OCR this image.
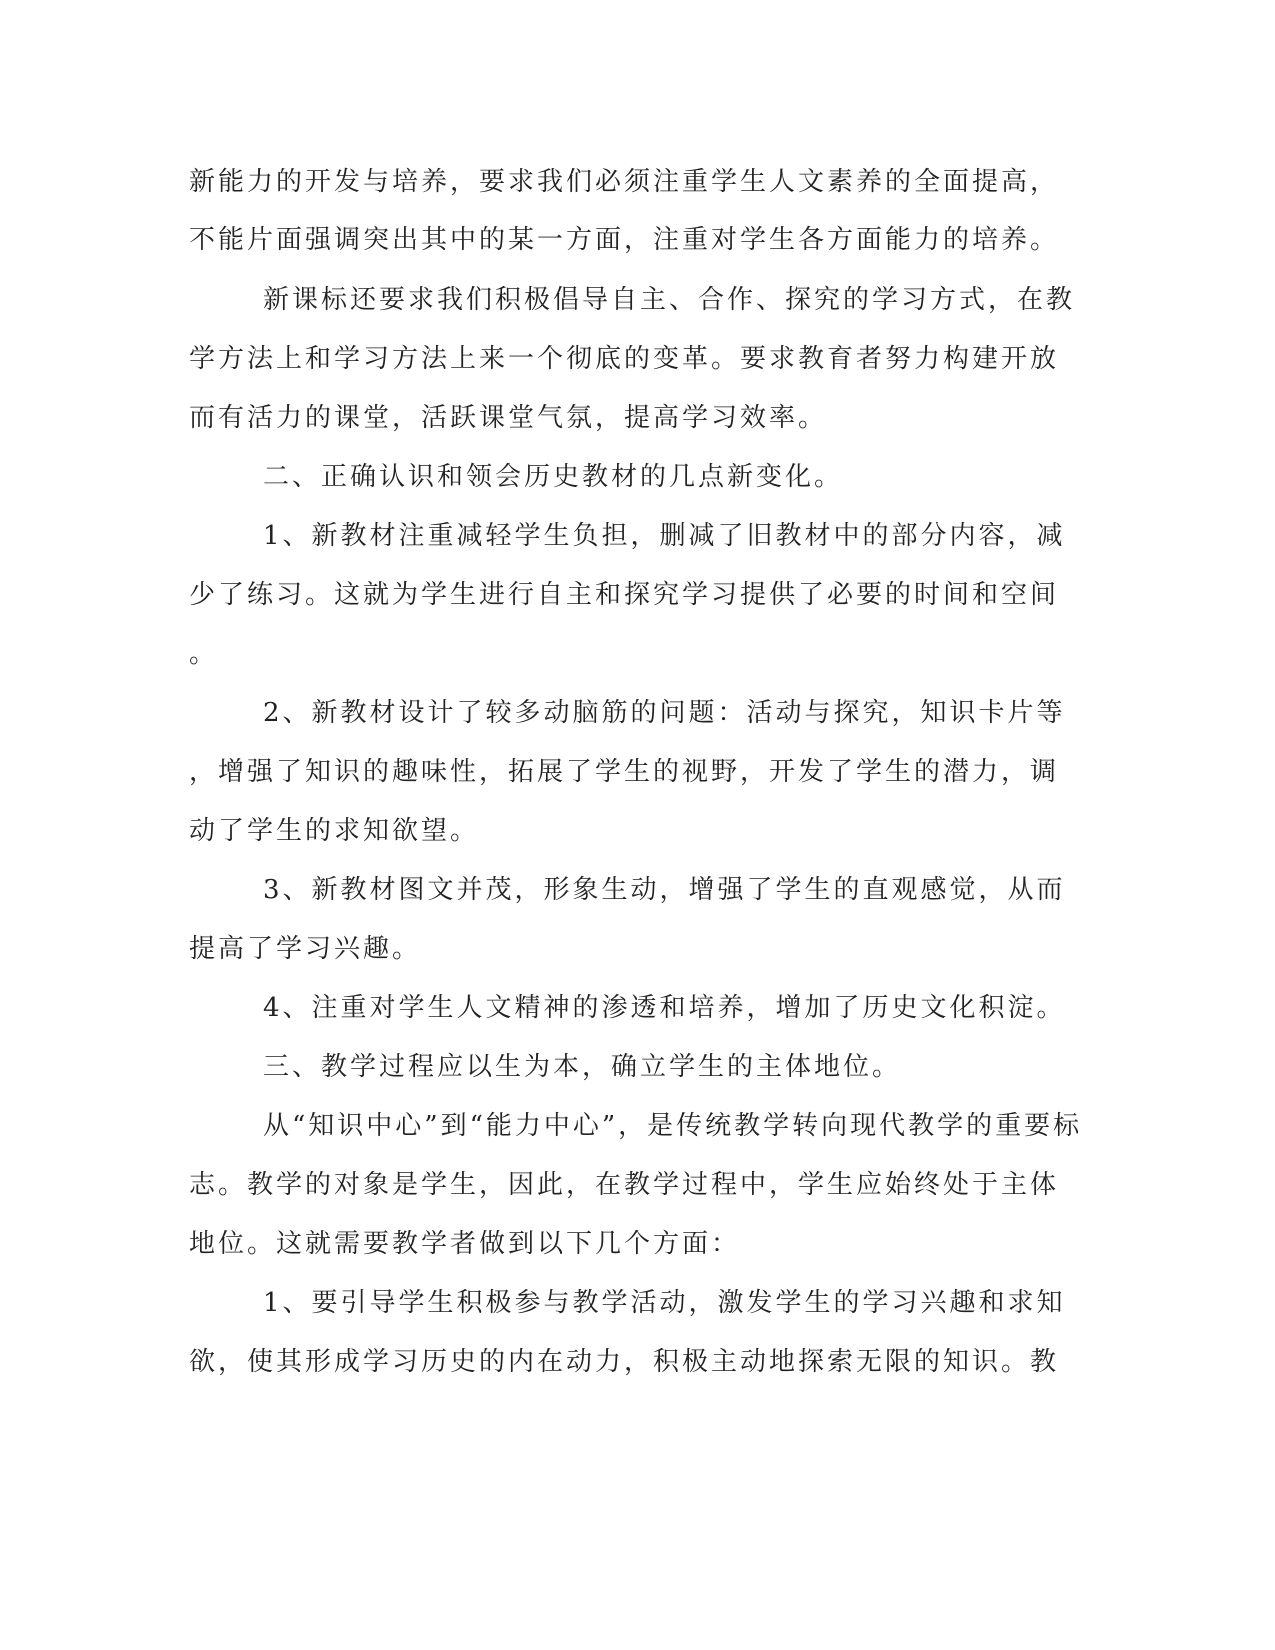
新能力的开发与培养，要求我们必须注重学生人文素养的全面提高，
不能片面强调突出其中的某一方面，注重对学生各方面能力的培养。
新课标还要求我们积极倡导自主、合作、探究的学习方式，在教
学方法上和学习方法上来一个彻底的变革。要求教育者努力构建开放
而有活力的课堂，活跃课堂气氛，提高学习效率。
二、正确认识和领会历史教材的几点新变化。
1、新教材注重减轻学生负担，删减了旧教材中的部分内容，减
少了练习。这就为学生进行自主和探究学习提供了必要的时间和空间
。
2、新教材设计了较多动脑筋的问题：活动与探究，知识卡片等
，增强了知识的趣味性，拓展了学生的视野，开发了学生的潜力，调
动了学生的求知欲望。
3、新教材图文并茂，形象生动，增强了学生的直观感觉，从而
提高了学习兴趣。
4、注重对学生人文精神的渗透和培养，增加了历史文化积淀。
三、教学过程应以生为本，确立学生的主体地位。
从“知识中心”到“能力中心”，是传统教学转向现代教学的重要标
志。教学的对象是学生，因此，在教学过程中，学生应始终处于主体
地位。这就需要教学者做到以下几个方面：
1、要引导学生积极参与教学活动，激发学生的学习兴趣和求知
欲，使其形成学习历史的内在动力，积极主动地探索无限的知识。教
